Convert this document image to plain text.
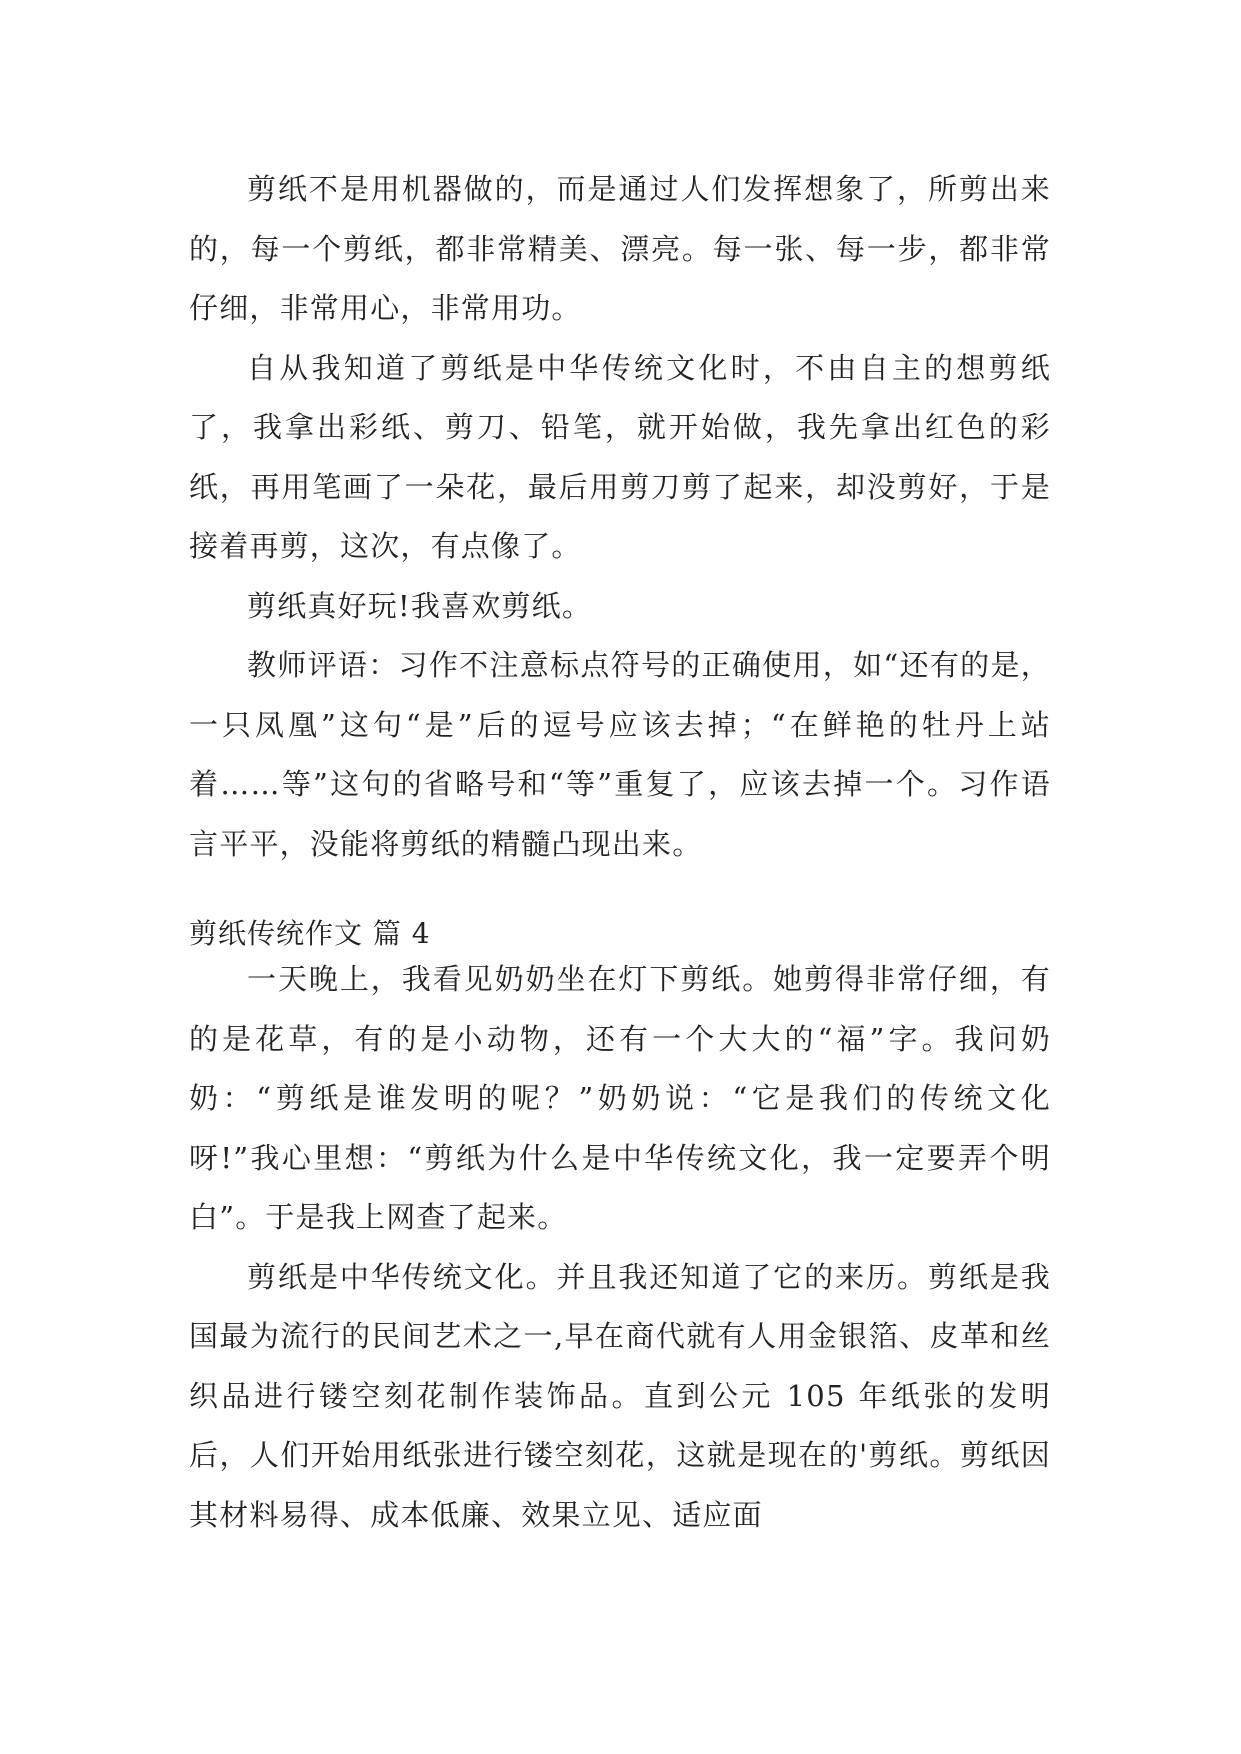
剪纸不是用机器做的，而是通过人们发挥想象了，所剪出来的，每一个剪纸，都非常精美、漂亮。每一张、每一步，都非常仔细，非常用心，非常用功。

自从我知道了剪纸是中华传统文化时，不由自主的想剪纸了，我拿出彩纸、剪刀、铅笔，就开始做，我先拿出红色的彩纸，再用笔画了一朵花，最后用剪刀剪了起来，却没剪好，于是接着再剪，这次，有点像了。

剪纸真好玩!我喜欢剪纸。

教师评语：习作不注意标点符号的正确使用，如“还有的是，一只凤凰”这句“是”后的逗号应该去掉；“在鲜艳的牡丹上站着……等”这句的省略号和“等”重复了，应该去掉一个。习作语言平平，没能将剪纸的精髓凸现出来。

剪纸传统作文 篇 4

一天晚上，我看见奶奶坐在灯下剪纸。她剪得非常仔细，有的是花草，有的是小动物，还有一个大大的“福”字。我问奶奶：“剪纸是谁发明的呢？”奶奶说：“它是我们的传统文化呀!”我心里想：“剪纸为什么是中华传统文化，我一定要弄个明白”。于是我上网查了起来。

剪纸是中华传统文化。并且我还知道了它的来历。剪纸是我国最为流行的民间艺术之一,早在商代就有人用金银箔、皮革和丝织品进行镂空刻花制作装饰品。直到公元 105 年纸张的发明后，人们开始用纸张进行镂空刻花，这就是现在的'剪纸。剪纸因其材料易得、成本低廉、效果立见、适应面
